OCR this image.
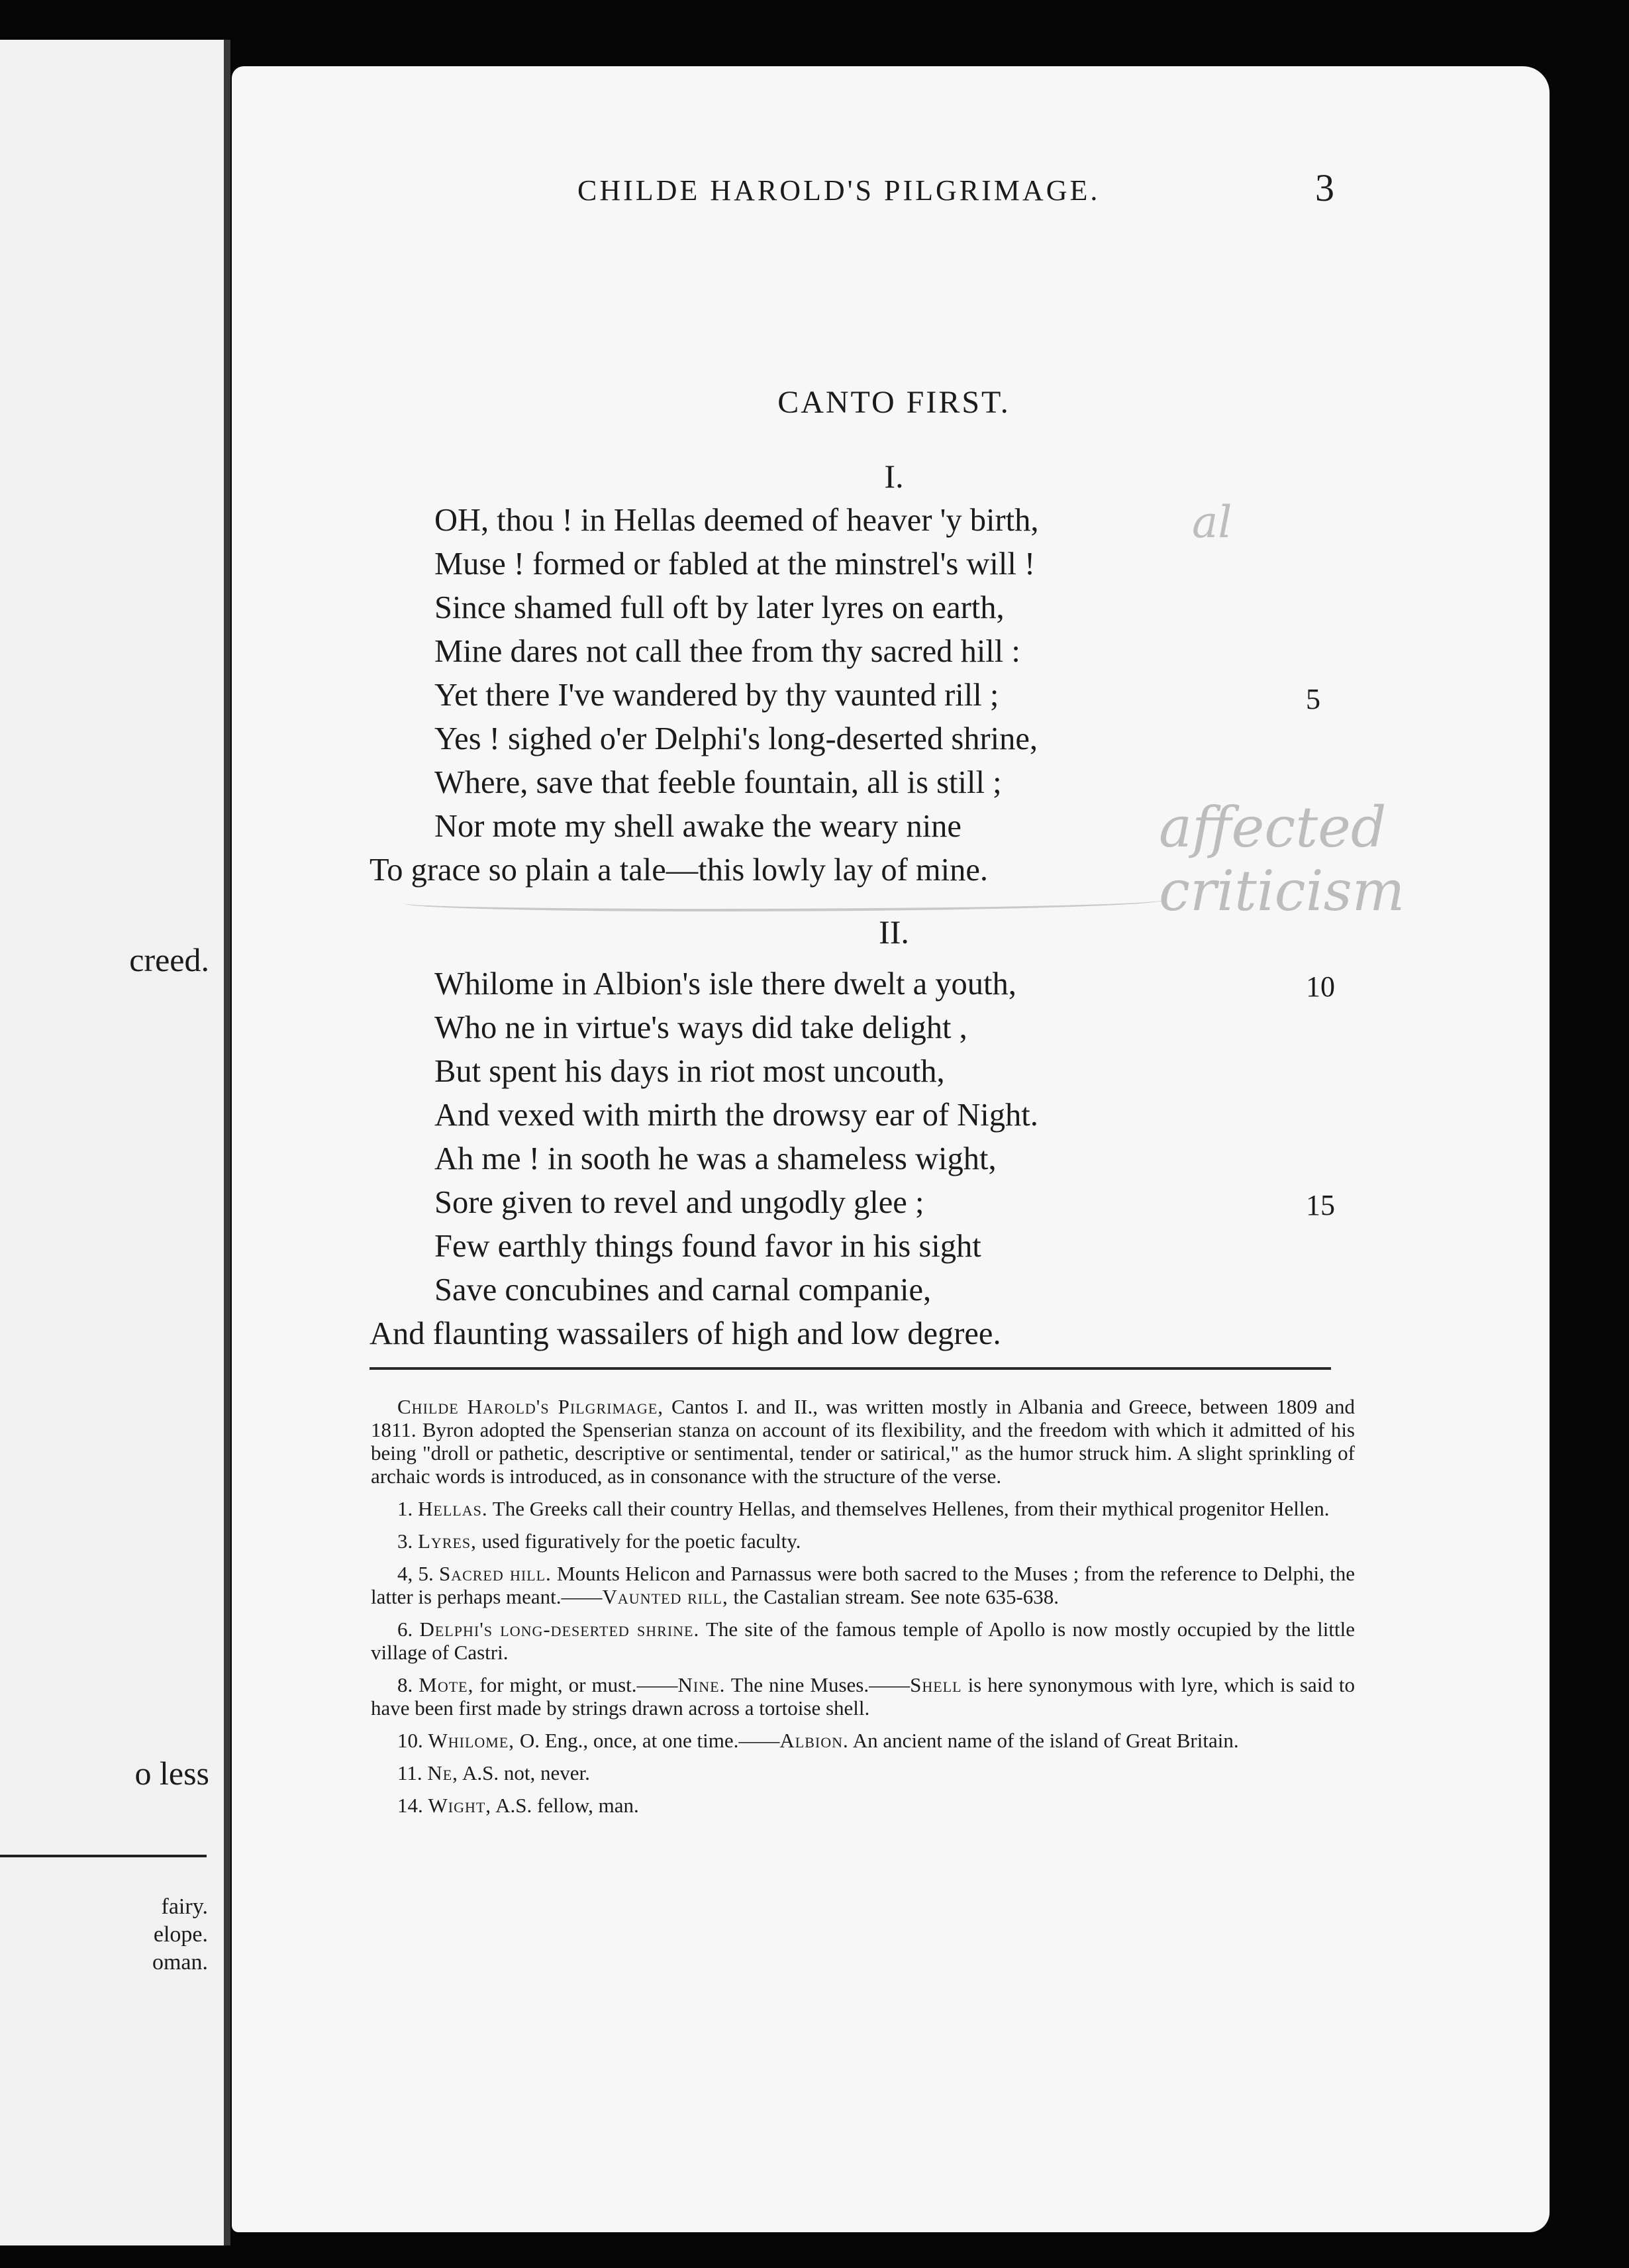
creed.
o less
fairy.
elope.
oman.
CHILDE HAROLD'S PILGRIMAGE.	3
CANTO FIRST.
I.
OH, thou ! in Hellas deemed of heaver 'y birth,
Muse ! formed or fabled at the minstrel's will !
Since shamed full oft by later lyres on earth,
Mine dares not call thee from thy sacred hill :
Yet there I've wandered by thy vaunted rill ;	5
Yes ! sighed o'er Delphi's long-deserted shrine,
Where, save that feeble fountain, all is still ;
Nor mote my shell awake the weary nine
To grace so plain a tale—this lowly lay of mine.
II.
Whilome in Albion's isle there dwelt a youth,	10
Who ne in virtue's ways did take delight ,
But spent his days in riot most uncouth,
And vexed with mirth the drowsy ear of Night.
Ah me ! in sooth he was a shameless wight,
Sore given to revel and ungodly glee ;	15
Few earthly things found favor in his sight
Save concubines and carnal companie,
And flaunting wassailers of high and low degree.
al
affected
criticism

Childe Harold's Pilgrimage, Cantos I. and II., was written mostly in Albania and Greece, between 1809 and 1811. Byron adopted the Spenserian stanza on account of its flexibility, and the freedom with which it admitted of his being "droll or pathetic, descriptive or sentimental, tender or satirical," as the humor struck him. A slight sprinkling of archaic words is introduced, as in consonance with the structure of the verse.

1. Hellas. The Greeks call their country Hellas, and themselves Hellenes, from their mythical progenitor Hellen.

3. Lyres, used figuratively for the poetic faculty.

4, 5. Sacred hill. Mounts Helicon and Parnassus were both sacred to the Muses ; from the reference to Delphi, the latter is perhaps meant.——Vaunted rill, the Castalian stream. See note 635-638.

6. Delphi's long-deserted shrine. The site of the famous temple of Apollo is now mostly occupied by the little village of Castri.

8. Mote, for might, or must.——Nine. The nine Muses.——Shell is here synonymous with lyre, which is said to have been first made by strings drawn across a tortoise shell.

10. Whilome, O. Eng., once, at one time.——Albion. An ancient name of the island of Great Britain.

11. Ne, A.S. not, never.

14. Wight, A.S. fellow, man.
